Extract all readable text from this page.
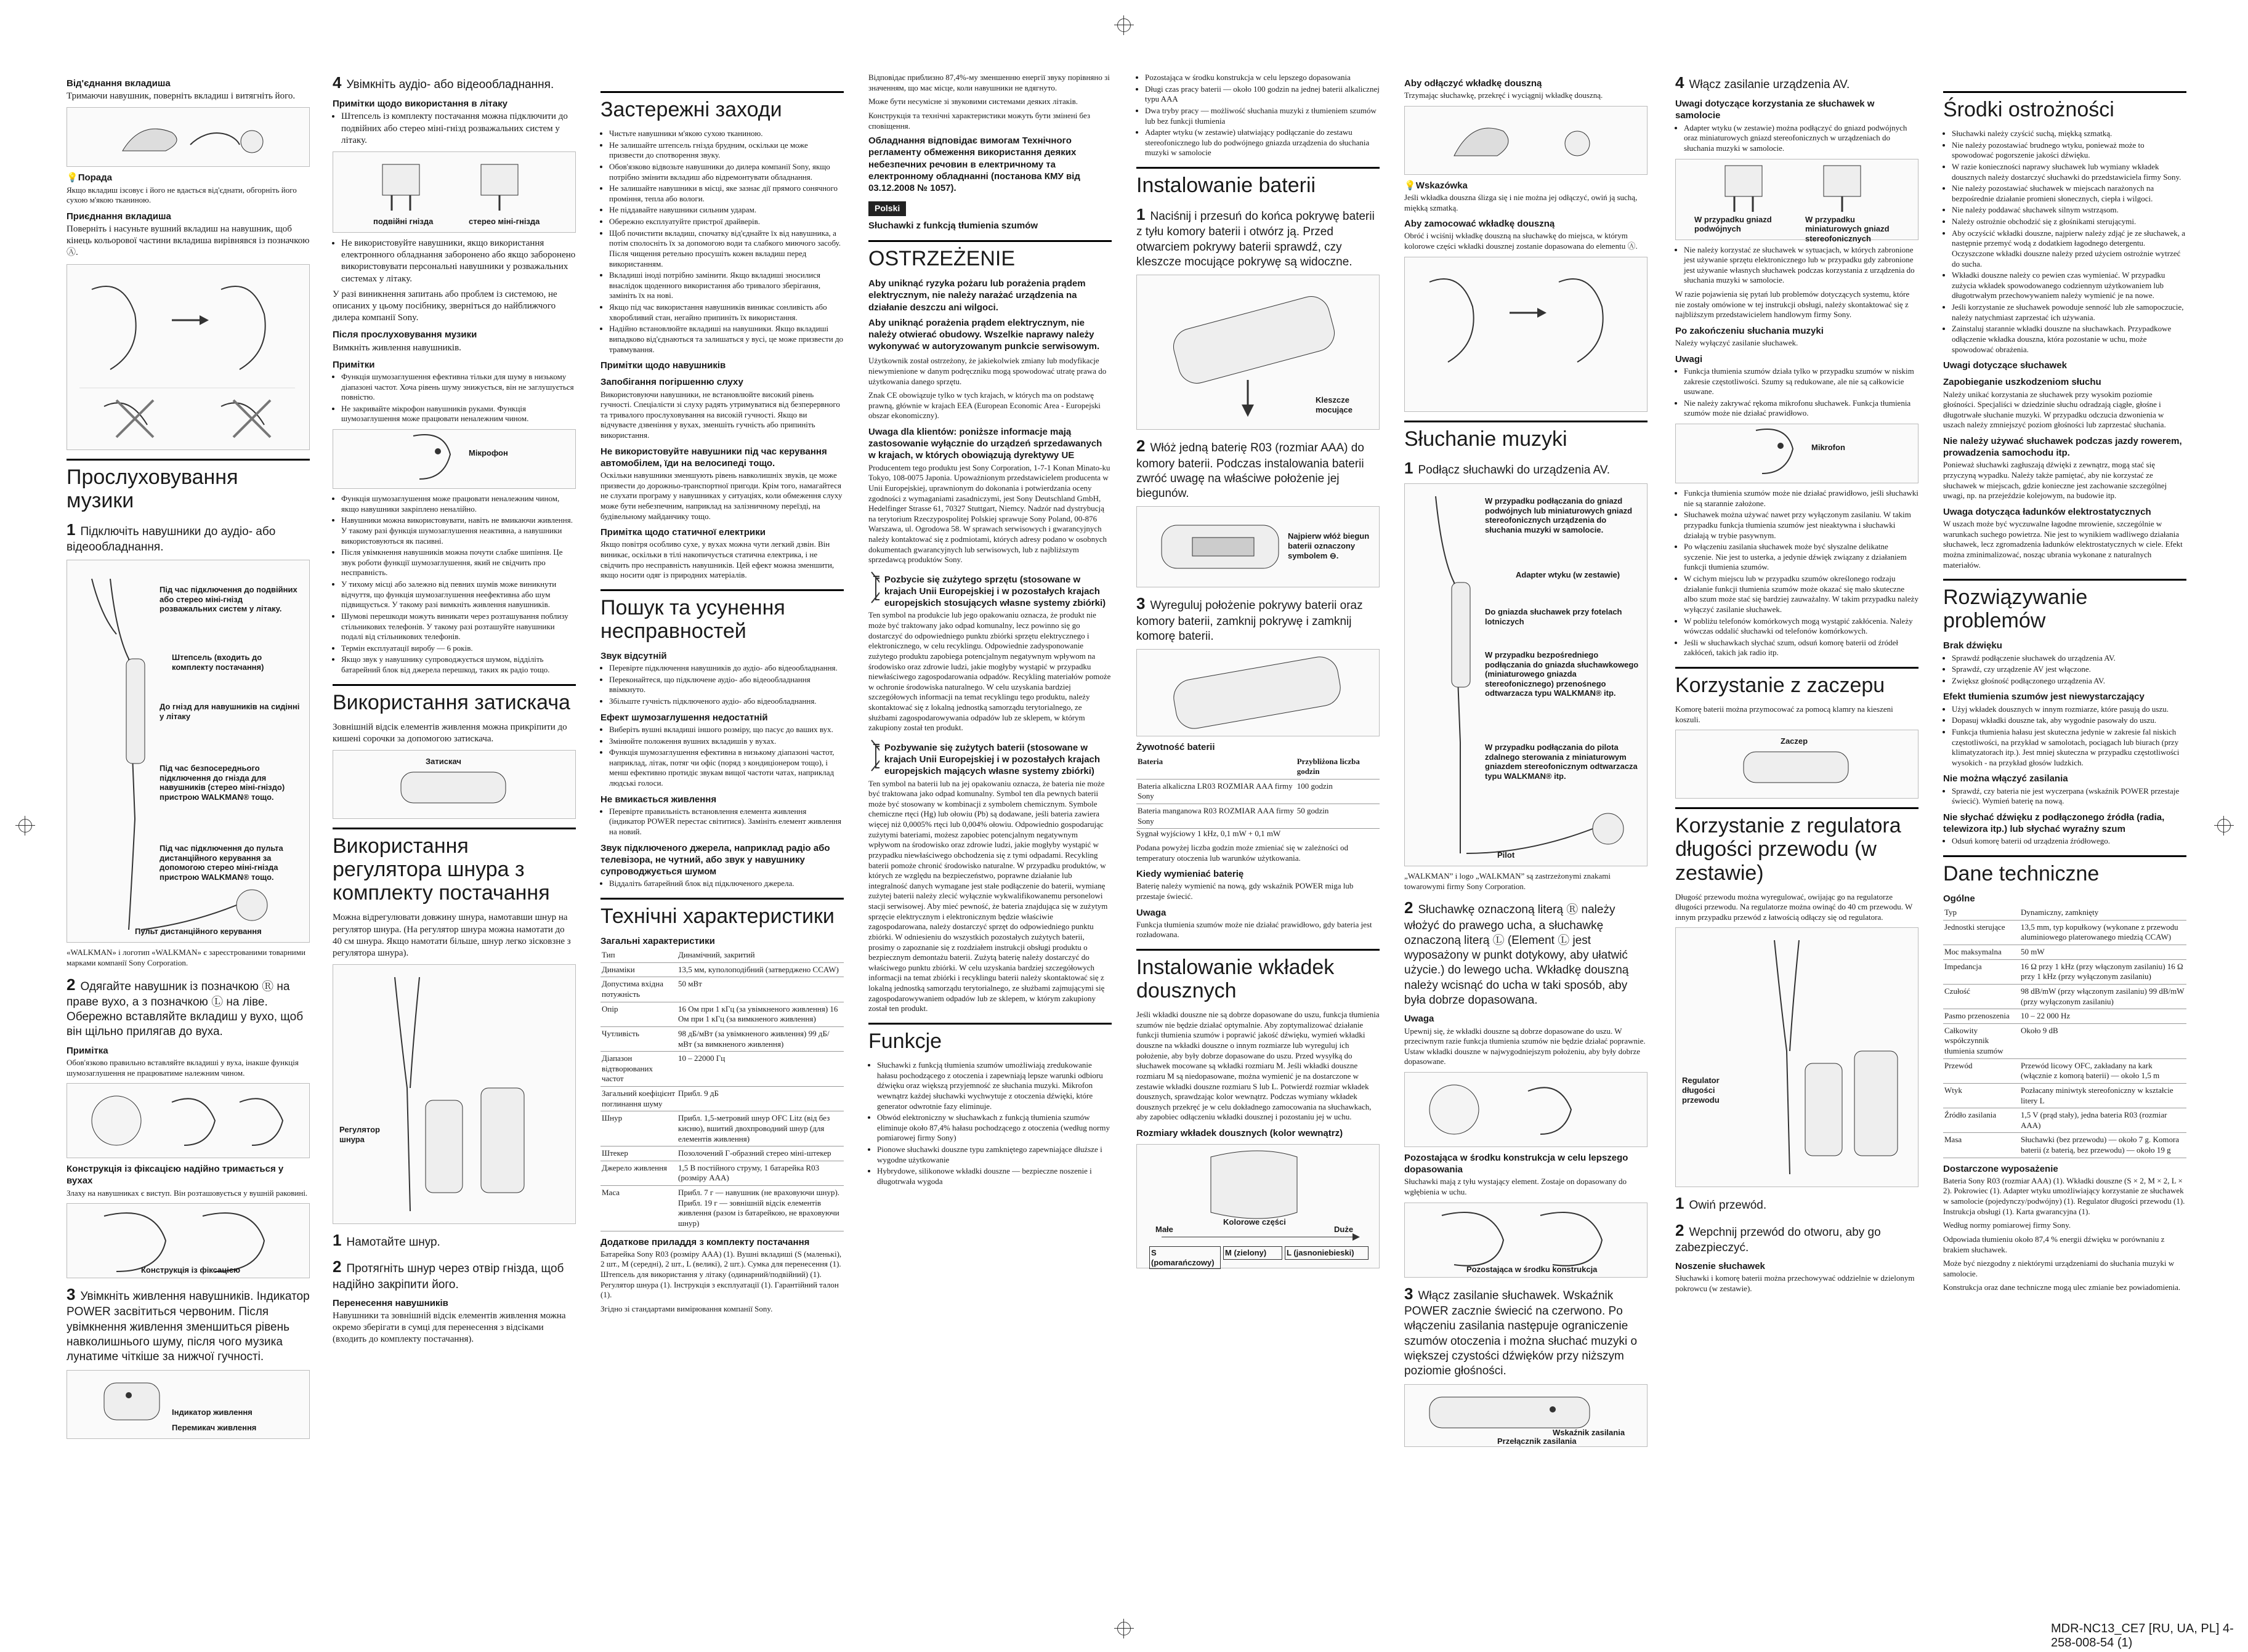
Від'єднання вкладиша

Тримаючи навушник, поверніть вкладиш і витягніть його.

💡Порада

Якщо вкладиш ізсовує і його не вдається від'єднати, обгорніть його сухою м'якою тканиною.

Приєднання вкладиша

Поверніть і насуньте вушний вкладиш на навушник, щоб кінець кольорової частини вкладиша вирівнявся із позначкою Ⓐ.

Прослуховування музики
1 Підключіть навушники до аудіо- або відеообладнання.
Під час підключення до подвійних або стерео міні-гнізд розважальних систем у літаку.
Штепсель (входить до комплекту постачання)
До гнізд для навушників на сидінні у літаку
Під час безпосереднього підключення до гнізда для навушників (стерео міні-гніздо) пристрою WALKMAN® тощо.
Під час підключення до пульта дистанційного керування за допомогою стерео міні-гнізда пристрою WALKMAN® тощо.
Пульт дистанційного керування

«WALKMAN» і логотип «WALKMAN» є зареєстрованими товарними марками компанії Sony Corporation.

2 Одягайте навушник із позначкою Ⓡ на праве вухо, а з позначкою Ⓛ на ліве. Обережно вставляйте вкладиш у вухо, щоб він щільно прилягав до вуха.
Примітка

Обов'язково правильно вставляйте вкладиші у вуха, інакше функція шумозаглушення не працюватиме належним чином.

Конструкція із фіксацією надійно тримається у вухах

Злаху на навушниках є виступ. Він розташовується у вушній раковині.

Конструкція із фіксацією
3 Увімкніть живлення навушників. Індикатор POWER засвітиться червоним. Після увімкнення живлення зменшиться рівень навколишнього шуму, після чого музика лунатиме чіткіше за нижчої гучності.
Індикатор живлення
Перемикач живлення
4 Увімкніть аудіо- або відеообладнання.
Примітки щодо використання в літаку
• Штепсель із комплекту постачання можна підключити до подвійних або стерео міні-гнізд розважальних систем у літаку.
подвійні гнізда	стерео міні-гнізда
• Не використовуйте навушники, якщо використання електронного обладнання заборонено або якщо заборонено використовувати персональні навушники у розважальних системах у літаку.

У разі виникнення запитань або проблем із системою, не описаних у цьому посібнику, зверніться до найближчого дилера компанії Sony.

Після прослуховування музики

Вимкніть живлення навушників.

Примітки
• Функція шумозаглушення ефективна тільки для шуму в низькому діапазоні частот. Хоча рівень шуму знижується, він не заглушується повністю.
• Не закривайте мікрофон навушників руками. Функція шумозаглушення може працювати неналежним чином.
Мікрофон
• Функція шумозаглушення може працювати неналежним чином, якщо навушники закріплено неналійно.
• Навушники можна використовувати, навіть не вмикаючи живлення. У такому разі функція шумозаглушення неактивна, а навушники використовуються як пасивні.
• Після увімкнення навушників можна почути слабке шипіння. Це звук роботи функції шумозаглушення, який не свідчить про несправність.
• У тихому місці або залежно від певних шумів може виникнути відчуття, що функція шумозаглушення неефективна або шум підвищується. У такому разі вимкніть живлення навушників.
• Шумові перешкоди можуть виникати через розташування поблизу стільникових телефонів. У такому разі розташуйте навушники подалі від стільникових телефонів.
• Термін експлуатації виробу — 6 років.
• Якщо звук у навушнику супроводжується шумом, відділіть батарейний блок від джерела перешкод, таких як радіо тощо.
Використання затискача

Зовнішній відсік елементів живлення можна прикріпити до кишені сорочки за допомогою затискача.

Затискач
Використання регулятора шнура з комплекту постачання

Можна відрегулювати довжину шнура, намотавши шнур на регулятор шнура. (На регулятор шнура можна намотати до 40 см шнура. Якщо намотати більше, шнур легко зісковзне з регулятора шнура).

Регулятор шнура
1 Намотайте шнур.
2 Протягніть шнур через отвір гнізда, щоб надійно закріпити його.
Перенесення навушників

Навушники та зовнішній відсік елементів живлення можна окремо зберігати в сумці для перенесення з відсіками (входить до комплекту постачання).

Застережні заходи
• Чистьте навушники м'якою сухою тканиною.
• Не залишайте штепсель гнізда брудним, оскільки це може призвести до спотворення звуку.
• Обов'язково відвозьте навушники до дилера компанії Sony, якщо потрібно змінити вкладиш або відремонтувати обладнання.
• Не залишайте навушники в місці, яке зазнає дії прямого сонячного проміння, тепла або вологи.
• Не піддавайте навушники сильним ударам.
• Обережно експлуатуйте пристрої драйверів.
• Щоб почистити вкладиш, спочатку від'єднайте їх від навушника, а потім сполосніть їх за допомогою води та слабкого миючого засобу. Після чищення ретельно просушіть кожен вкладиш перед використанням.
• Вкладиші іноді потрібно замінити. Якщо вкладиші зносилися внаслідок щоденного використання або тривалого зберігання, замініть їх на нові.
• Якщо під час використання навушників виникає сонливість або хворобливий стан, негайно припиніть їх використання.
• Надійно встановлюйте вкладиші на навушники. Якщо вкладиші випадково від'єднаються та залишаться у вусі, це може призвести до травмування.
Примітки щодо навушників
Запобігання погіршенню слуху

Використовуючи навушники, не встановлюйте високий рівень гучності. Спеціалісти зі слуху радять утримуватися від безперервного та тривалого прослуховування на високій гучності. Якщо ви відчуваєте дзвеніння у вухах, зменшіть гучність або припиніть використання.

Не використовуйте навушники під час керування автомобілем, їди на велосипеді тощо.

Оскільки навушники зменшують рівень навколишніх звуків, це може призвести до дорожньо-транспортної пригоди. Крім того, намагайтеся не слухати програму у навушниках у ситуаціях, коли обмеження слуху може бути небезпечним, наприклад на залізничному переїзді, на будівельному майданчику тощо.

Примітка щодо статичної електрики

Якщо повітря особливо сухе, у вухах можна чути легкий дзвін. Він виникає, оскільки в тілі накопичується статична електрика, і не свідчить про несправність навушників. Цей ефект можна зменшити, якщо носити одяг із природних матеріалів.

Пошук та усунення несправностей
Звук відсутній
• Перевірте підключення навушників до аудіо- або відеообладнання.
• Переконайтеся, що підключене аудіо- або відеообладнання ввімкнуто.
• Збільште гучність підключеного аудіо- або відеообладнання.
Ефект шумозаглушення недостатній
• Виберіть вушні вкладиші іншого розміру, що пасує до ваших вух.
• Змінюйте положення вушних вкладишів у вухах.
• Функція шумозаглушення ефективна в низькому діапазоні частот, наприклад, літак, потяг чи офіс (поряд з кондиціонером тощо), і менш ефективно протидіє звукам вищої частоти чатах, наприклад людські голоси.
Не вмикається живлення
• Перевірте правильність встановлення елемента живлення (індикатор POWER перестає світитися). Замініть елемент живлення на новий.
Звук підключеного джерела, наприклад радіо або телевізора, не чутний, або звук у навушнику супроводжується шумом
• Віддаліть батарейний блок від підключеного джерела.
Технічні характеристики
Загальні характеристики
Тип	Динамічний, закритий
Динаміки	13,5 мм, куполоподібний (затверджено CCAW)
Допустима вхідна потужність	50 мВт
Опір	16 Ом при 1 кГц (за увімкненого живлення) 16 Ом при 1 кГц (за вимкненого живлення)
Чутливість	98 дБ/мВт (за увімкненого живлення) 99 дБ/мВт (за вимкненого живлення)
Діапазон відтворюваних частот	10 – 22000 Гц
Загальний коефіцієнт поглинання шуму	Прибл. 9 дБ
Шнур	Прибл. 1,5-метровий шнур OFC Litz (від без кисню), вшитий двохпроводний шнур (для елементів живлення)
Штекер	Позолочений Г-образний стерео міні-штекер
Джерело живлення	1,5 В постійного струму, 1 батарейка R03 (розміру AAA)
Маса	Прибл. 7 г — навушник (не враховуючи шнур). Прибл. 19 г — зовнішній відсік елементів живлення (разом із батарейкою, не враховуючи шнур)
Додаткове приладдя з комплекту постачання

Батарейка Sony R03 (розміру AAA) (1). Вушні вкладиші (S (маленькі), 2 шт., M (середні), 2 шт., L (великі), 2 шт.). Сумка для перенесення (1). Штепсель для використання у літаку (одинарний/подвійний) (1). Регулятор шнура (1). Інструкція з експлуатації (1). Гарантійний талон (1).

Згідно зі стандартами вимірювання компанії Sony.

Відповідає приблизно 87,4%-му зменшенню енергії звуку порівняно зі значенням, що має місце, коли навушники не вдягнуто.

Може бути несумісне зі звуковими системами деяких літаків.

Конструкція та технічні характеристики можуть бути змінені без сповіщення.

Обладнання відповідає вимогам Технічного регламенту обмеження використання деяких небезпечних речовин в електричному та електронному обладнанні (постанова КМУ від 03.12.2008 № 1057).

Polski

Słuchawki z funkcją tłumienia szumów

OSTRZEŻENIE

Aby uniknąć ryzyka pożaru lub porażenia prądem elektrycznym, nie należy narażać urządzenia na działanie deszczu ani wilgoci.

Aby uniknąć porażenia prądem elektrycznym, nie należy otwierać obudowy. Wszelkie naprawy należy wykonywać w autoryzowanym punkcie serwisowym.

Użytkownik został ostrzeżony, że jakiekolwiek zmiany lub modyfikacje niewymienione w danym podręczniku mogą spowodować utratę prawa do użytkowania danego sprzętu.

Znak CE obowiązuje tylko w tych krajach, w których ma on podstawę prawną, głównie w krajach EEA (European Economic Area - Europejski obszar ekonomiczny).

Uwaga dla klientów: poniższe informacje mają zastosowanie wyłącznie do urządzeń sprzedawanych w krajach, w których obowiązują dyrektywy UE

Producentem tego produktu jest Sony Corporation, 1-7-1 Konan Minato-ku Tokyo, 108-0075 Japonia. Upoważnionym przedstawicielem producenta w Unii Europejskiej, uprawnionym do dokonania i potwierdzania oceny zgodności z wymaganiami zasadniczymi, jest Sony Deutschland GmbH, Hedelfinger Strasse 61, 70327 Stuttgart, Niemcy. Nadzór nad dystrybucją na terytorium Rzeczypospolitej Polskiej sprawuje Sony Poland, 00-876 Warszawa, ul. Ogrodowa 58. W sprawach serwisowych i gwarancyjnych należy kontaktować się z podmiotami, których adresy podano w osobnych dokumentach gwarancyjnych lub serwisowych, lub z najbliższym sprzedawcą produktów Sony.

Pozbycie się zużytego sprzętu (stosowane w krajach Unii Europejskiej i w pozostałych krajach europejskich stosujących własne systemy zbiórki)

Ten symbol na produkcie lub jego opakowaniu oznacza, że produkt nie może być traktowany jako odpad komunalny, lecz powinno się go dostarczyć do odpowiedniego punktu zbiórki sprzętu elektrycznego i elektronicznego, w celu recyklingu. Odpowiednie zadysponowanie zużytego produktu zapobiega potencjalnym negatywnym wpływom na środowisko oraz zdrowie ludzi, jakie mogłyby wystąpić w przypadku niewłaściwego zagospodarowania odpadów. Recykling materiałów pomoże w ochronie środowiska naturalnego. W celu uzyskania bardziej szczegółowych informacji na temat recyklingu tego produktu, należy skontaktować się z lokalną jednostką samorządu terytorialnego, ze służbami zagospodarowywania odpadów lub ze sklepem, w którym zakupiony został ten produkt.

Pozbywanie się zużytych baterii (stosowane w krajach Unii Europejskiej i w pozostałych krajach europejskich mających własne systemy zbiórki)

Ten symbol na baterii lub na jej opakowaniu oznacza, że bateria nie może być traktowana jako odpad komunalny. Symbol ten dla pewnych baterii może być stosowany w kombinacji z symbolem chemicznym. Symbole chemiczne rtęci (Hg) lub ołowiu (Pb) są dodawane, jeśli bateria zawiera więcej niż 0,0005% rtęci lub 0,004% ołowiu. Odpowiednio gospodarując zużytymi bateriami, możesz zapobiec potencjalnym negatywnym wpływom na środowisko oraz zdrowie ludzi, jakie mogłyby wystąpić w przypadku niewłaściwego obchodzenia się z tymi odpadami. Recykling baterii pomoże chronić środowisko naturalne. W przypadku produktów, w których ze względu na bezpieczeństwo, poprawne działanie lub integralność danych wymagane jest stałe podłączenie do baterii, wymianę zużytej baterii należy zlecić wyłącznie wykwalifikowanemu personelowi stacji serwisowej. Aby mieć pewność, że bateria znajdująca się w zużytym sprzęcie elektrycznym i elektronicznym będzie właściwie zagospodarowana, należy dostarczyć sprzęt do odpowiedniego punktu zbiórki. W odniesieniu do wszystkich pozostałych zużytych baterii, prosimy o zapoznanie się z rozdziałem instrukcji obsługi produktu o bezpiecznym demontażu baterii. Zużytą baterię należy dostarczyć do właściwego punktu zbiórki. W celu uzyskania bardziej szczegółowych informacji na temat zbiórki i recyklingu baterii należy skontaktować się z lokalną jednostką samorządu terytorialnego, ze służbami zajmującymi się zagospodarowywaniem odpadów lub ze sklepem, w którym zakupiony został ten produkt.

Funkcje
• Słuchawki z funkcją tłumienia szumów umożliwiają zredukowanie hałasu pochodzącego z otoczenia i zapewniają lepsze warunki odbioru dźwięku oraz większą przyjemność ze słuchania muzyki. Mikrofon wewnątrz każdej słuchawki wychwytuje z otoczenia dźwięki, które generator odwrotnie fazy eliminuje.
• Obwód elektroniczny w słuchawkach z funkcją tłumienia szumów eliminuje około 87,4% hałasu pochodzącego z otoczenia (według normy pomiarowej firmy Sony)
• Pionowe słuchawki douszne typu zamkniętego zapewniające dłuższe i wygodne użytkowanie
• Hybrydowe, silikonowe wkładki douszne — bezpieczne noszenie i długotrwała wygoda
• Pozostająca w środku konstrukcja w celu lepszego dopasowania
• Długi czas pracy baterii — około 100 godzin na jednej baterii alkalicznej typu AAA
• Dwa tryby pracy — możliwość słuchania muzyki z tłumieniem szumów lub bez funkcji tłumienia
• Adapter wtyku (w zestawie) ułatwiający podłączanie do zestawu stereofonicznego lub do podwójnego gniazda urządzenia do słuchania muzyki w samolocie
Instalowanie baterii
1 Naciśnij i przesuń do końca pokrywę baterii z tyłu komory baterii i otwórz ją. Przed otwarciem pokrywy baterii sprawdź, czy kleszcze mocujące pokrywę są widoczne.
Kleszcze mocujące
2 Włóż jedną baterię R03 (rozmiar AAA) do komory baterii. Podczas instalowania baterii zwróć uwagę na właściwe położenie jej biegunów.
Najpierw włóż biegun baterii oznaczony symbolem ⊖.
3 Wyreguluj położenie pokrywy baterii oraz komory baterii, zamknij pokrywę i zamknij komorę baterii.
Żywotność baterii
Bateria	Przybliżona liczba godzin
Bateria alkaliczna LR03 ROZMIAR AAA firmy Sony	100 godzin
Bateria manganowa R03 ROZMIAR AAA firmy Sony	50 godzin

Sygnał wyjściowy 1 kHz, 0,1 mW + 0,1 mW

Podana powyżej liczba godzin może zmieniać się w zależności od temperatury otoczenia lub warunków użytkowania.

Kiedy wymieniać baterię

Baterię należy wymienić na nową, gdy wskaźnik POWER miga lub przestaje świecić.

Uwaga

Funkcja tłumienia szumów może nie działać prawidłowo, gdy bateria jest rozładowana.

Instalowanie wkładek dousznych

Jeśli wkładki douszne nie są dobrze dopasowane do uszu, funkcja tłumienia szumów nie będzie działać optymalnie. Aby zoptymalizować działanie funkcji tłumienia szumów i poprawić jakość dźwięku, wymień wkładki douszne na wkładki douszne o innym rozmiarze lub wyreguluj ich położenie, aby były dobrze dopasowane do uszu. Przed wysyłką do słuchawek mocowane są wkładki rozmiaru M. Jeśli wkładki douszne rozmiaru M są niedopasowane, można wymienić je na dostarczone w zestawie wkładki douszne rozmiaru S lub L. Potwierdź rozmiar wkładek dousznych, sprawdzając kolor wewnątrz. Podczas wymiany wkładek dousznych przekręć je w celu dokładnego zamocowania na słuchawkach, aby zapobiec odłączeniu wkładki dousznej i pozostaniu jej w uchu.

Rozmiary wkładek dousznych (kolor wewnątrz)
Kolorowe części
Małe	Duże
S (pomarańczowy)
M (zielony)	L (jasnoniebieski)
Aby odłączyć wkładkę douszną

Trzymając słuchawkę, przekręć i wyciągnij wkładkę douszną.

💡Wskazówka

Jeśli wkładka douszna ślizga się i nie można jej odłączyć, owiń ją suchą, miękką szmatką.

Aby zamocować wkładkę douszną

Obróć i wciśnij wkładkę douszną na słuchawkę do miejsca, w którym kolorowe części wkładki dousznej zostanie dopasowana do elementu Ⓐ.

Słuchanie muzyki
1 Podłącz słuchawki do urządzenia AV.
W przypadku podłączania do gniazd podwójnych lub miniaturowych gniazd stereofonicznych urządzenia do słuchania muzyki w samolocie.
Adapter wtyku (w zestawie)
Do gniazda słuchawek przy fotelach lotniczych
W przypadku bezpośredniego podłączania do gniazda słuchawkowego (miniaturowego gniazda stereofonicznego) przenośnego odtwarzacza typu WALKMAN® itp.
W przypadku podłączania do pilota zdalnego sterowania z miniaturowym gniazdem stereofonicznym odtwarzacza typu WALKMAN® itp.
Pilot

„WALKMAN” i logo „WALKMAN” są zastrzeżonymi znakami towarowymi firmy Sony Corporation.

2 Słuchawkę oznaczoną literą Ⓡ należy włożyć do prawego ucha, a słuchawkę oznaczoną literą Ⓛ (Element Ⓛ jest wyposażony w punkt dotykowy, aby ułatwić użycie.) do lewego ucha. Wkładkę douszną należy wcisnąć do ucha w taki sposób, aby była dobrze dopasowana.
Uwaga

Upewnij się, że wkładki douszne są dobrze dopasowane do uszu. W przeciwnym razie funkcja tłumienia szumów nie będzie działać poprawnie. Ustaw wkładki douszne w najwygodniejszym położeniu, aby były dobrze dopasowane.

Pozostająca w środku konstrukcja w celu lepszego dopasowania

Słuchawki mają z tyłu wystający element. Zostaje on dopasowany do wgłębienia w uchu.

Pozostająca w środku konstrukcja
3 Włącz zasilanie słuchawek. Wskaźnik POWER zacznie świecić na czerwono. Po włączeniu zasilania następuje ograniczenie szumów otoczenia i można słuchać muzyki o większej czystości dźwięków przy niższym poziomie głośności.
Wskaźnik zasilania
Przełącznik zasilania
4 Włącz zasilanie urządzenia AV.
Uwagi dotyczące korzystania ze słuchawek w samolocie
• Adapter wtyku (w zestawie) można podłączyć do gniazd podwójnych oraz miniaturowych gniazd stereofonicznych w urządzeniach do słuchania muzyki w samolocie.
W przypadku gniazd podwójnych
W przypadku miniaturowych gniazd stereofonicznych
• Nie należy korzystać ze słuchawek w sytuacjach, w których zabronione jest używanie sprzętu elektronicznego lub w przypadku gdy zabronione jest używanie własnych słuchawek podczas korzystania z urządzenia do słuchania muzyki w samolocie.

W razie pojawienia się pytań lub problemów dotyczących systemu, które nie zostały omówione w tej instrukcji obsługi, należy skontaktować się z najbliższym przedstawicielem handlowym firmy Sony.

Po zakończeniu słuchania muzyki

Należy wyłączyć zasilanie słuchawek.

Uwagi
• Funkcja tłumienia szumów działa tylko w przypadku szumów w niskim zakresie częstotliwości. Szumy są redukowane, ale nie są całkowicie usuwane.
• Nie należy zakrywać rękoma mikrofonu słuchawek. Funkcja tłumienia szumów może nie działać prawidłowo.
Mikrofon
• Funkcja tłumienia szumów może nie działać prawidłowo, jeśli słuchawki nie są starannie założone.
• Słuchawek można używać nawet przy wyłączonym zasilaniu. W takim przypadku funkcja tłumienia szumów jest nieaktywna i słuchawki działają w trybie pasywnym.
• Po włączeniu zasilania słuchawek może być słyszalne delikatne syczenie. Nie jest to usterka, a jedynie dźwięk związany z działaniem funkcji tłumienia szumów.
• W cichym miejscu lub w przypadku szumów określonego rodzaju działanie funkcji tłumienia szumów może okazać się mało skuteczne albo szum może stać się bardziej zauważalny. W takim przypadku należy wyłączyć zasilanie słuchawek.
• W pobliżu telefonów komórkowych mogą wystąpić zakłócenia. Należy wówczas oddalić słuchawki od telefonów komórkowych.
• Jeśli w słuchawkach słychać szum, odsuń komorę baterii od źródeł zakłóceń, takich jak radio itp.
Korzystanie z zaczepu

Komorę baterii można przymocować za pomocą klamry na kieszeni koszuli.

Zaczep
Korzystanie z regulatora długości przewodu (w zestawie)

Długość przewodu można wyregulować, owijając go na regulatorze długości przewodu. Na regulatorze można owinąć do 40 cm przewodu. W innym przypadku przewód z łatwością odłączy się od regulatora.

Regulator długości przewodu
1 Owiń przewód.
2 Wepchnij przewód do otworu, aby go zabezpieczyć.
Noszenie słuchawek

Słuchawki i komorę baterii można przechowywać oddzielnie w dzielonym pokrowcu (w zestawie).

Środki ostrożności
• Słuchawki należy czyścić suchą, miękką szmatką.
• Nie należy pozostawiać brudnego wtyku, ponieważ może to spowodować pogorszenie jakości dźwięku.
• W razie konieczności naprawy słuchawek lub wymiany wkładek dousznych należy dostarczyć słuchawki do przedstawiciela firmy Sony.
• Nie należy pozostawiać słuchawek w miejscach narażonych na bezpośrednie działanie promieni słonecznych, ciepła i wilgoci.
• Nie należy poddawać słuchawek silnym wstrząsom.
• Należy ostrożnie obchodzić się z głośnikami sterującymi.
• Aby oczyścić wkładki douszne, najpierw należy zdjąć je ze słuchawek, a następnie przemyć wodą z dodatkiem łagodnego detergentu. Oczyszczone wkładki douszne należy przed użyciem ostrożnie wytrzeć do sucha.
• Wkładki douszne należy co pewien czas wymieniać. W przypadku zużycia wkładek spowodowanego codziennym użytkowaniem lub długotrwałym przechowywaniem należy wymienić je na nowe.
• Jeśli korzystanie ze słuchawek powoduje senność lub złe samopoczucie, należy natychmiast zaprzestać ich używania.
• Zainstaluj starannie wkładki douszne na słuchawkach. Przypadkowe odłączenie wkładka douszna, która pozostanie w uchu, może spowodować obrażenia.
Uwagi dotyczące słuchawek
Zapobieganie uszkodzeniom słuchu

Należy unikać korzystania ze słuchawek przy wysokim poziomie głośności. Specjaliści w dziedzinie słuchu odradzają ciągłe, głośne i długotrwałe słuchanie muzyki. W przypadku odczucia dzwonienia w uszach należy zmniejszyć poziom głośności lub zaprzestać słuchania.

Nie należy używać słuchawek podczas jazdy rowerem, prowadzenia samochodu itp.

Ponieważ słuchawki zagłuszają dźwięki z zewnątrz, mogą stać się przyczyną wypadku. Należy także pamiętać, aby nie korzystać ze słuchawek w miejscach, gdzie konieczne jest zachowanie szczególnej uwagi, np. na przejeździe kolejowym, na budowie itp.

Uwaga dotycząca ładunków elektrostatycznych

W uszach może być wyczuwalne łagodne mrowienie, szczególnie w warunkach suchego powietrza. Nie jest to wynikiem wadliwego działania słuchawek, lecz zgromadzenia ładunków elektrostatycznych w ciele. Efekt można zminimalizować, nosząc ubrania wykonane z naturalnych materiałów.

Rozwiązywanie problemów
Brak dźwięku
• Sprawdź podłączenie słuchawek do urządzenia AV.
• Sprawdź, czy urządzenie AV jest włączone.
• Zwiększ głośność podłączonego urządzenia AV.
Efekt tłumienia szumów jest niewystarczający
• Użyj wkładek dousznych w innym rozmiarze, które pasują do uszu.
• Dopasuj wkładki douszne tak, aby wygodnie pasowały do uszu.
• Funkcja tłumienia hałasu jest skuteczna jedynie w zakresie fal niskich częstotliwości, na przykład w samolotach, pociągach lub biurach (przy klimatyzatorach itp.). Jest mniej skuteczna w przypadku częstotliwości wysokich - na przykład głosów ludzkich.
Nie można włączyć zasilania
• Sprawdź, czy bateria nie jest wyczerpana (wskaźnik POWER przestaje świecić). Wymień baterię na nową.
Nie słychać dźwięku z podłączonego źródła (radia, telewizora itp.) lub słychać wyraźny szum
• Odsuń komorę baterii od urządzenia źródłowego.
Dane techniczne
Ogólne
Typ	Dynamiczny, zamknięty
Jednostki sterujące	13,5 mm, typ kopułkowy (wykonane z przewodu aluminiowego platerowanego miedzią CCAW)
Moc maksymalna	50 mW
Impedancja	16 Ω przy 1 kHz (przy włączonym zasilaniu) 16 Ω przy 1 kHz (przy wyłączonym zasilaniu)
Czułość	98 dB/mW (przy włączonym zasilaniu) 99 dB/mW (przy wyłączonym zasilaniu)
Pasmo przenoszenia	10 – 22 000 Hz
Całkowity współczynnik tłumienia szumów	Około 9 dB
Przewód	Przewód licowy OFC, zakładany na kark (włącznie z komorą baterii) — około 1,5 m
Wtyk	Pozłacany miniwtyk stereofoniczny w kształcie litery L
Źródło zasilania	1,5 V (prąd stały), jedna bateria R03 (rozmiar AAA)
Masa	Słuchawki (bez przewodu) — około 7 g. Komora baterii (z baterią, bez przewodu) — około 19 g
Dostarczone wyposażenie

Bateria Sony R03 (rozmiar AAA) (1). Wkładki douszne (S × 2, M × 2, L × 2). Pokrowiec (1). Adapter wtyku umożliwiający korzystanie ze słuchawek w samolocie (pojedynczy/podwójny) (1). Regulator długości przewodu (1). Instrukcja obsługi (1). Karta gwarancyjna (1).

Według normy pomiarowej firmy Sony.

Odpowiada tłumieniu około 87,4 % energii dźwięku w porównaniu z brakiem słuchawek.

Może być niezgodny z niektórymi urządzeniami do słuchania muzyki w samolocie.

Konstrukcja oraz dane techniczne mogą ulec zmianie bez powiadomienia.

MDR-NC13_CE7 [RU, UA, PL] 4-258-008-54 (1)
